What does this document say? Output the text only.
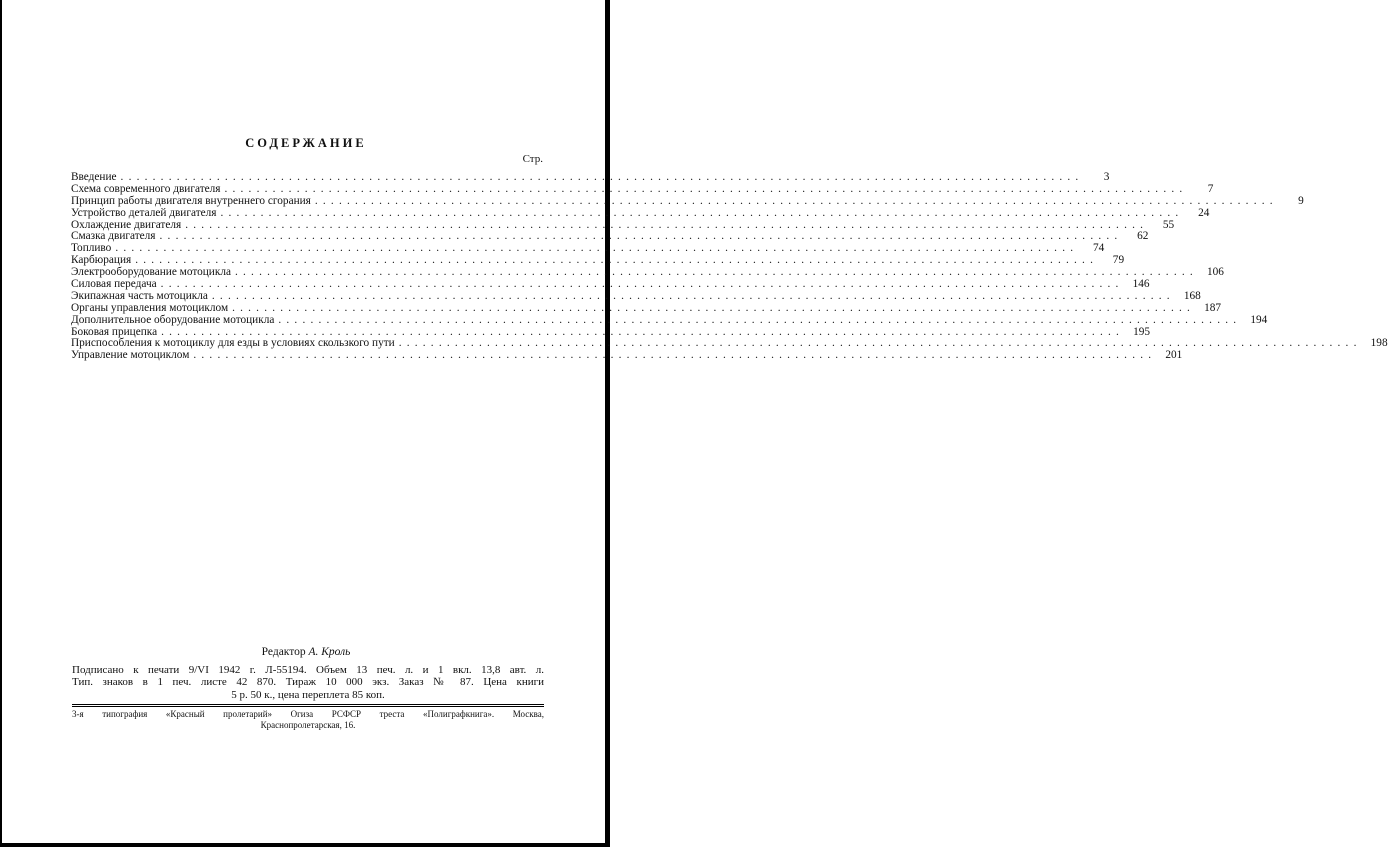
СОДЕРЖАНИЕ
Стр.
Введение ........................................................................................................................	3
Схема современного двигателя ........................................................................................................................	7
Принцип работы двигателя внутреннего сгорания ........................................................................................................................	9
Устройство деталей двигателя ........................................................................................................................	24
Охлаждение двигателя ........................................................................................................................	55
Смазка двигателя ........................................................................................................................	62
Топливо ........................................................................................................................	74
Карбюрация ........................................................................................................................	79
Электрооборудование мотоцикла ........................................................................................................................ 106
Силовая передача ........................................................................................................................ 146
Экипажная часть мотоцикла ........................................................................................................................ 168
Органы управления мотоциклом ........................................................................................................................ 187
Дополнительное оборудование мотоцикла ........................................................................................................................ 194
Боковая прицепка ........................................................................................................................ 195
Приспособления к мотоциклу для езды в условиях скользкого пути ........................................................................................................................ 198
Управление мотоциклом ........................................................................................................................ 201
Редактор А. Кроль
Подписано к печати 9/VI 1942 г. Л-55194. Объем 13 печ. л. и 1 вкл. 13,8 авт. л.
Тип. знаков в 1 печ. листе 42 870. Тираж 10 000 экз. Заказ № 87. Цена книги
5 р. 50 к., цена переплета 85 коп.
3-я типография «Красный пролетарий» Огиза РСФСР треста «Полиграфкнига». Москва,
Краснопролетарская, 16.
